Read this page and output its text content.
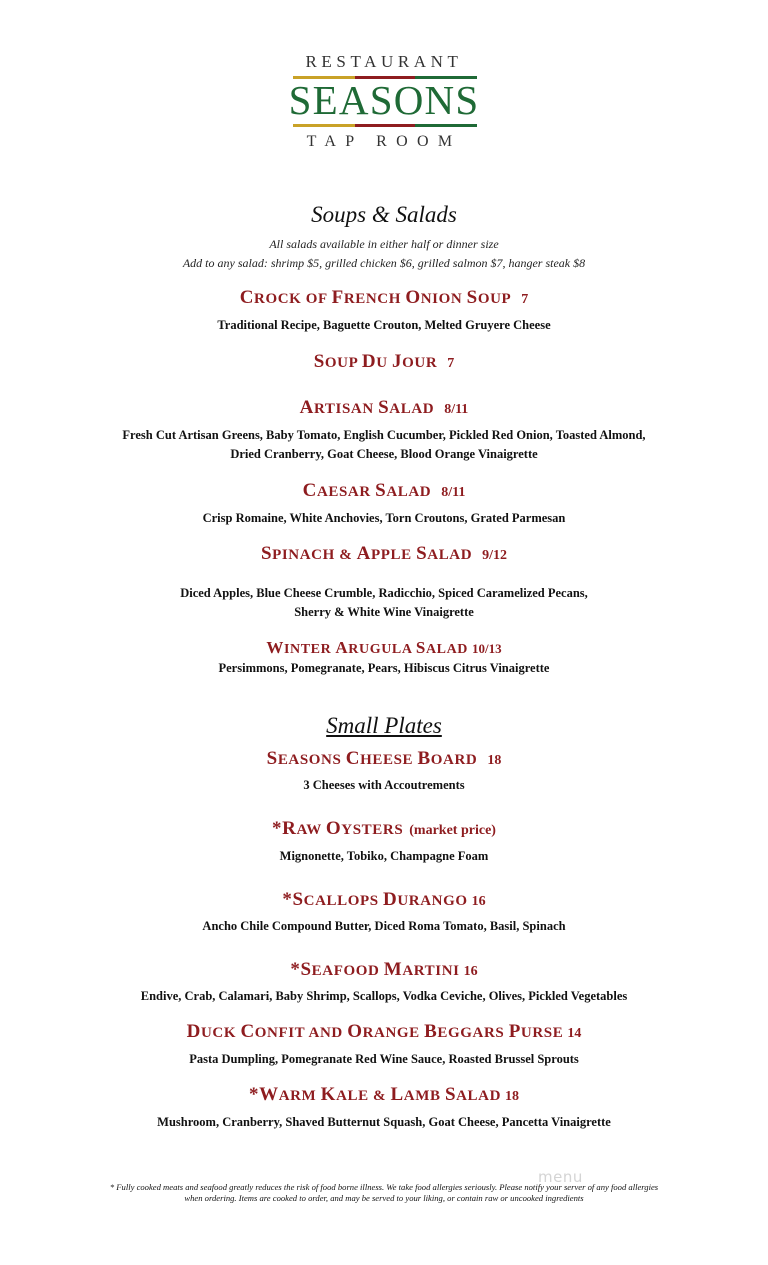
RESTAURANT
SEASONS
TAP ROOM
Soups & Salads
All salads available in either half or dinner size
Add to any salad: shrimp $5, grilled chicken $6, grilled salmon $7, hanger steak $8
CROCK OF FRENCH ONION SOUP 7
Traditional Recipe, Baguette Crouton, Melted Gruyere Cheese
SOUP DU JOUR 7
ARTISAN SALAD 8/11
Fresh Cut Artisan Greens, Baby Tomato, English Cucumber, Pickled Red Onion, Toasted Almond,
Dried Cranberry, Goat Cheese, Blood Orange Vinaigrette
CAESAR SALAD 8/11
Crisp Romaine, White Anchovies, Torn Croutons, Grated Parmesan
SPINACH & APPLE SALAD 9/12
Diced Apples, Blue Cheese Crumble, Radicchio, Spiced Caramelized Pecans,
Sherry & White Wine Vinaigrette
WINTER ARUGULA SALAD 10/13
Persimmons, Pomegranate, Pears, Hibiscus Citrus Vinaigrette
Small Plates
SEASONS CHEESE BOARD 18
3 Cheeses with Accoutrements
*RAW OYSTERS (market price)
Mignonette, Tobiko, Champagne Foam
*SCALLOPS DURANGO 16
Ancho Chile Compound Butter, Diced Roma Tomato, Basil, Spinach
*SEAFOOD MARTINI 16
Endive, Crab, Calamari, Baby Shrimp, Scallops, Vodka Ceviche, Olives, Pickled Vegetables
DUCK CONFIT AND ORANGE BEGGARS PURSE 14
Pasta Dumpling, Pomegranate Red Wine Sauce, Roasted Brussel Sprouts
*WARM KALE & LAMB SALAD 18
Mushroom, Cranberry, Shaved Butternut Squash, Goat Cheese, Pancetta Vinaigrette
* Fully cooked meats and seafood greatly reduces the risk of food borne illness. We take food allergies seriously. Please notify your server of any food allergies
when ordering. Items are cooked to order, and may be served to your liking, or contain raw or uncooked ingredients
menu
